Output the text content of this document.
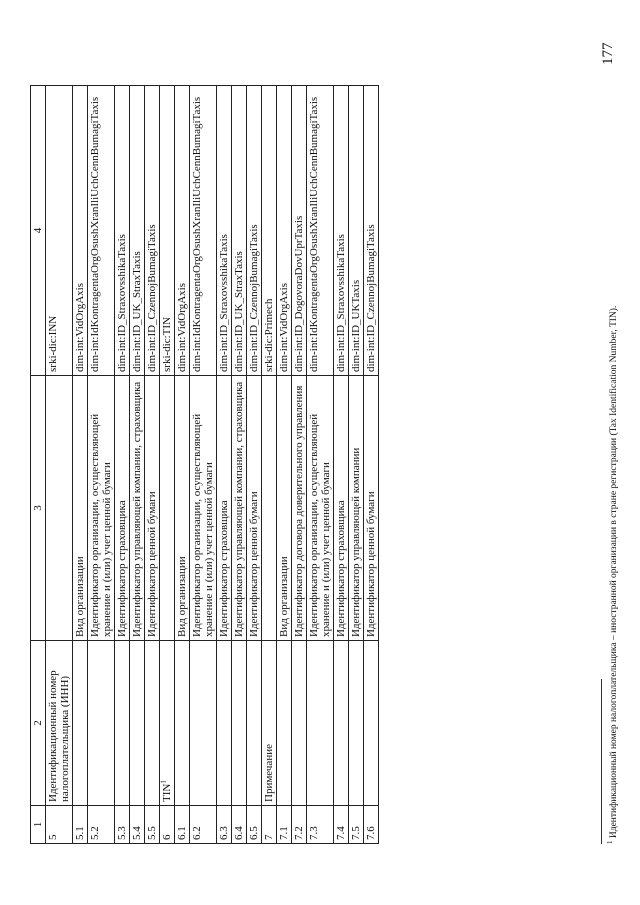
1	2	3	4
5	Идентификационный номер налогоплательщика (ИНН)		srki-dic:INN
5.1		Вид организации	dim-int:VidOrgAxis
5.2		Идентификатор организации, осуществляющей хранение и (или) учет ценной бумаги	dim-int:IdKontragentaOrgOsushXranIliUchCennBumagiTaxis
5.3		Идентификатор страховщика	dim-int:ID_StraxovsshikaTaxis
5.4		Идентификатор управляющей компании, страховщика	dim-int:ID_UK_StraxTaxis
5.5		Идентификатор ценной бумаги	dim-int:ID_CzennojBumagiTaxis
6	TIN$^1$		srki-dic:TIN
6.1		Вид организации	dim-int:VidOrgAxis
6.2		Идентификатор организации, осуществляющей хранение и (или) учет ценной бумаги	dim-int:IdKontragentaOrgOsushXranIliUchCennBumagiTaxis
6.3		Идентификатор страховщика	dim-int:ID_StraxovsshikaTaxis
6.4		Идентификатор управляющей компании, страховщика	dim-int:ID_UK_StraxTaxis
6.5		Идентификатор ценной бумаги	dim-int:ID_CzennojBumagiTaxis
7	Примечание		srki-dic:Primech
7.1		Вид организации	dim-int:VidOrgAxis
7.2		Идентификатор договора доверительного управления	dim-int:ID_DogovoraDovUprTaxis
7.3		Идентификатор организации, осуществляющей хранение и (или) учет ценной бумаги	dim-int:IdKontragentaOrgOsushXranIliUchCennBumagiTaxis
7.4		Идентификатор страховщика	dim-int:ID_StraxovsshikaTaxis
7.5		Идентификатор управляющей компании	dim-int:ID_UKTaxis
7.6		Идентификатор ценной бумаги	dim-int:ID_CzennojBumagiTaxis
$^1$ Идентификационный номер налогоплательщика – иностранной организации в стране регистрации (Tax Identification Number, TIN).
177
